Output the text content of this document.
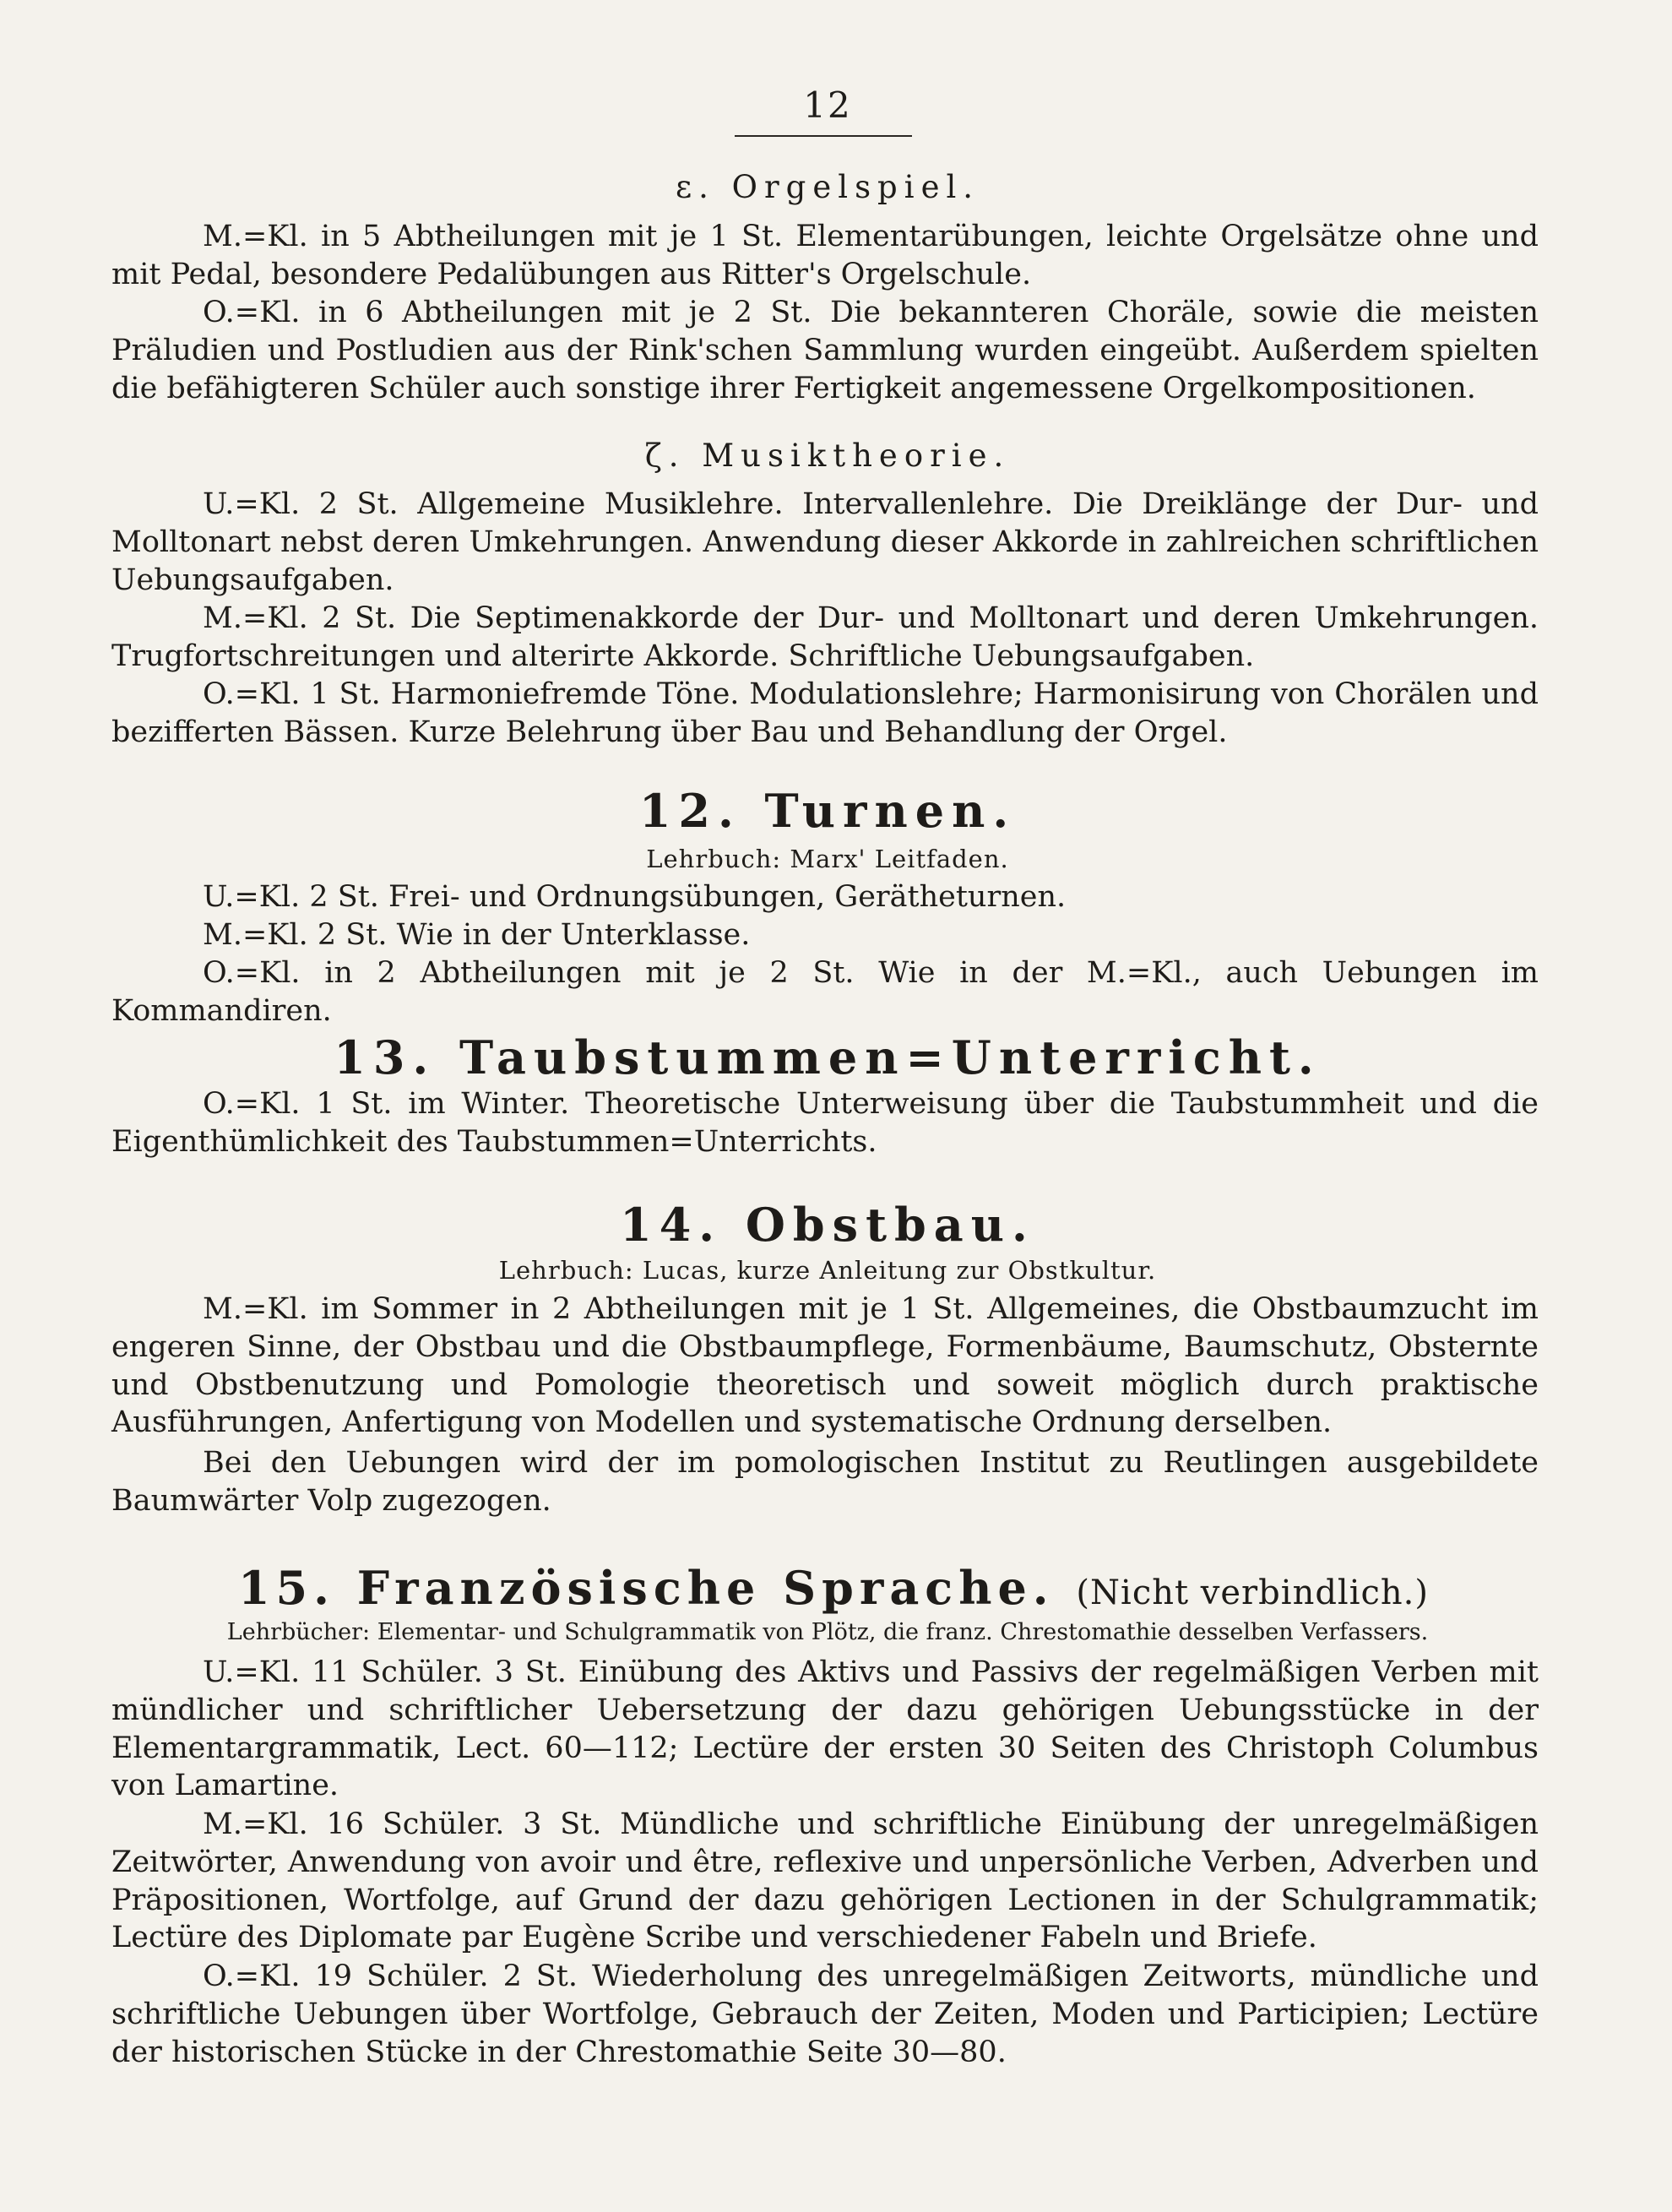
12
ε. Orgelspiel.
M.=Kl. in 5 Abtheilungen mit je 1 St. Elementarübungen, leichte Orgelsätze ohne und mit Pedal, besondere Pedalübungen aus Ritter's Orgelschule.
O.=Kl. in 6 Abtheilungen mit je 2 St. Die bekannteren Choräle, sowie die meisten Präludien und Postludien aus der Rink'schen Sammlung wurden eingeübt. Außerdem spielten die befähigteren Schüler auch sonstige ihrer Fertigkeit angemessene Orgelkompositionen.
ζ. Musiktheorie.
U.=Kl. 2 St. Allgemeine Musiklehre. Intervallenlehre. Die Dreiklänge der Dur- und Molltonart nebst deren Umkehrungen. Anwendung dieser Akkorde in zahlreichen schriftlichen Uebungsaufgaben.
M.=Kl. 2 St. Die Septimenakkorde der Dur- und Molltonart und deren Umkehrungen. Trugfortschreitungen und alterirte Akkorde. Schriftliche Uebungsaufgaben.
O.=Kl. 1 St. Harmoniefremde Töne. Modulationslehre; Harmonisirung von Chorälen und bezifferten Bässen. Kurze Belehrung über Bau und Behandlung der Orgel.
12. Turnen.
Lehrbuch: Marx' Leitfaden.
U.=Kl. 2 St. Frei- und Ordnungsübungen, Gerätheturnen.
M.=Kl. 2 St. Wie in der Unterklasse.
O.=Kl. in 2 Abtheilungen mit je 2 St. Wie in der M.=Kl., auch Uebungen im Kommandiren.
13. Taubstummen=Unterricht.
O.=Kl. 1 St. im Winter. Theoretische Unterweisung über die Taubstummheit und die Eigenthümlichkeit des Taubstummen=Unterrichts.
14. Obstbau.
Lehrbuch: Lucas, kurze Anleitung zur Obstkultur.
M.=Kl. im Sommer in 2 Abtheilungen mit je 1 St. Allgemeines, die Obstbaumzucht im engeren Sinne, der Obstbau und die Obstbaumpflege, Formenbäume, Baumschutz, Obsternte und Obstbenutzung und Pomologie theoretisch und soweit möglich durch praktische Ausführungen, Anfertigung von Modellen und systematische Ordnung derselben.
Bei den Uebungen wird der im pomologischen Institut zu Reutlingen ausgebildete Baumwärter Volp zugezogen.
15. Französische Sprache. (Nicht verbindlich.)
Lehrbücher: Elementar- und Schulgrammatik von Plötz, die franz. Chrestomathie desselben Verfassers.
U.=Kl. 11 Schüler. 3 St. Einübung des Aktivs und Passivs der regelmäßigen Verben mit mündlicher und schriftlicher Uebersetzung der dazu gehörigen Uebungsstücke in der Elementargrammatik, Lect. 60—112; Lectüre der ersten 30 Seiten des Christoph Columbus von Lamartine.
M.=Kl. 16 Schüler. 3 St. Mündliche und schriftliche Einübung der unregelmäßigen Zeitwörter, Anwendung von avoir und être, reflexive und unpersönliche Verben, Adverben und Präpositionen, Wortfolge, auf Grund der dazu gehörigen Lectionen in der Schulgrammatik; Lectüre des Diplomate par Eugène Scribe und verschiedener Fabeln und Briefe.
O.=Kl. 19 Schüler. 2 St. Wiederholung des unregelmäßigen Zeitworts, mündliche und schriftliche Uebungen über Wortfolge, Gebrauch der Zeiten, Moden und Participien; Lectüre der historischen Stücke in der Chrestomathie Seite 30—80.
